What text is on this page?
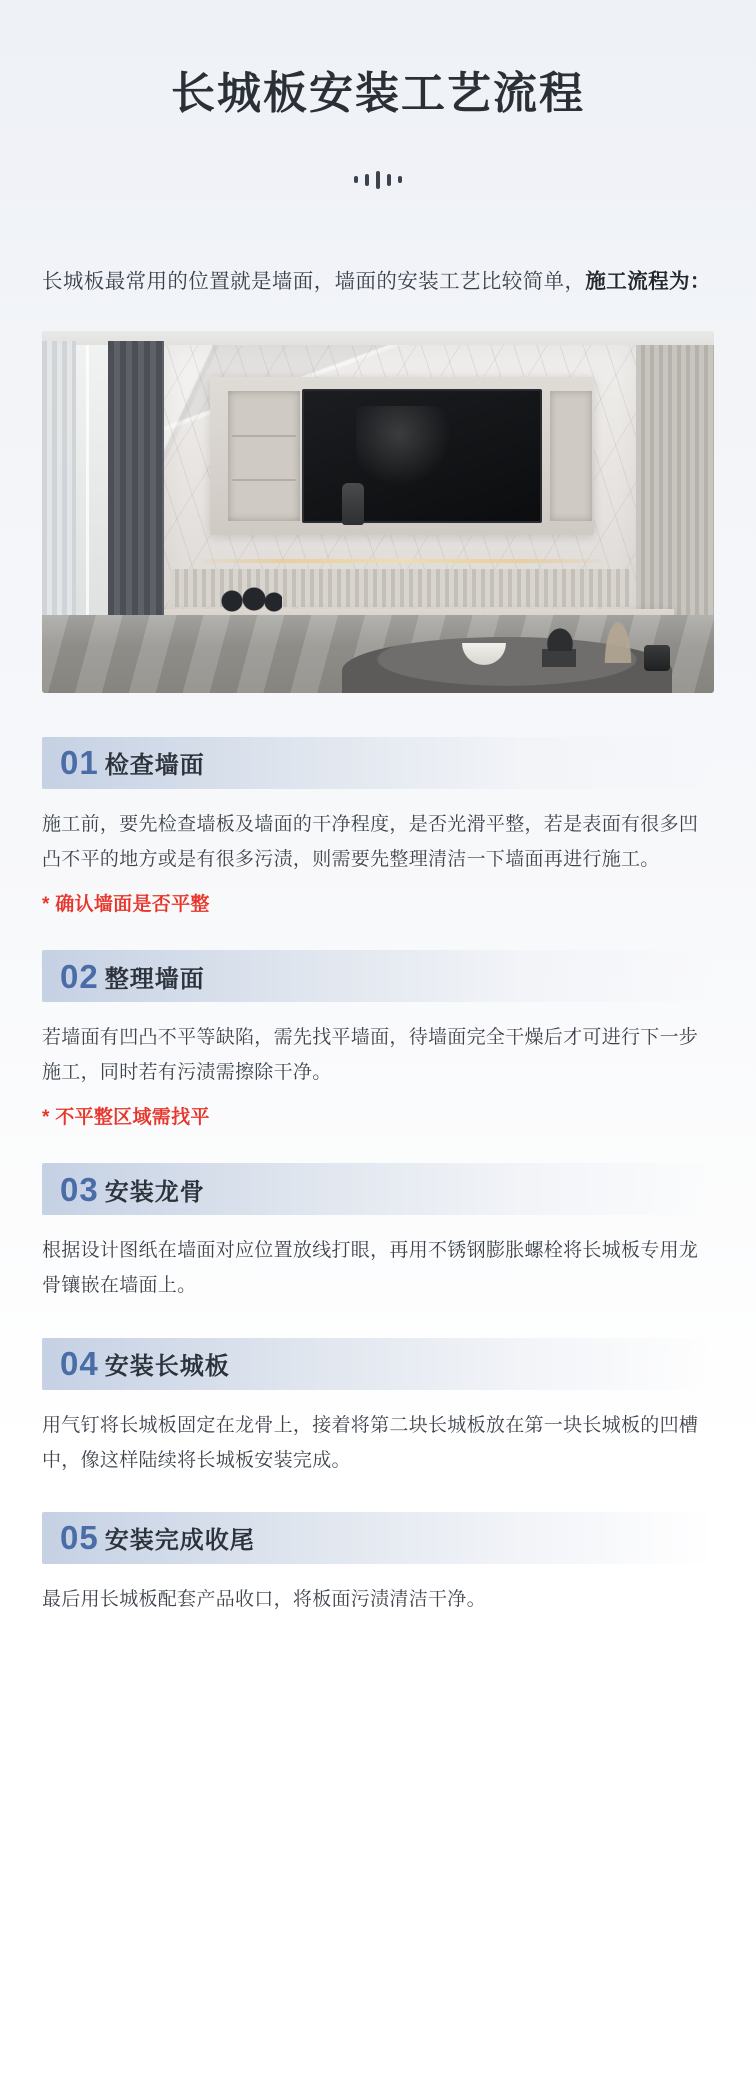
长城板安装工艺流程

长城板最常用的位置就是墙面，墙面的安装工艺比较简单，施工流程为：

01 检查墙面

施工前，要先检查墙板及墙面的干净程度，是否光滑平整，若是表面有很多凹凸不平的地方或是有很多污渍，则需要先整理清洁一下墙面再进行施工。

* 确认墙面是否平整

02 整理墙面

若墙面有凹凸不平等缺陷，需先找平墙面，待墙面完全干燥后才可进行下一步施工，同时若有污渍需擦除干净。

* 不平整区域需找平

03 安装龙骨

根据设计图纸在墙面对应位置放线打眼，再用不锈钢膨胀螺栓将长城板专用龙骨镶嵌在墙面上。

04 安装长城板

用气钉将长城板固定在龙骨上，接着将第二块长城板放在第一块长城板的凹槽中，像这样陆续将长城板安装完成。

05 安装完成收尾

最后用长城板配套产品收口，将板面污渍清洁干净。
